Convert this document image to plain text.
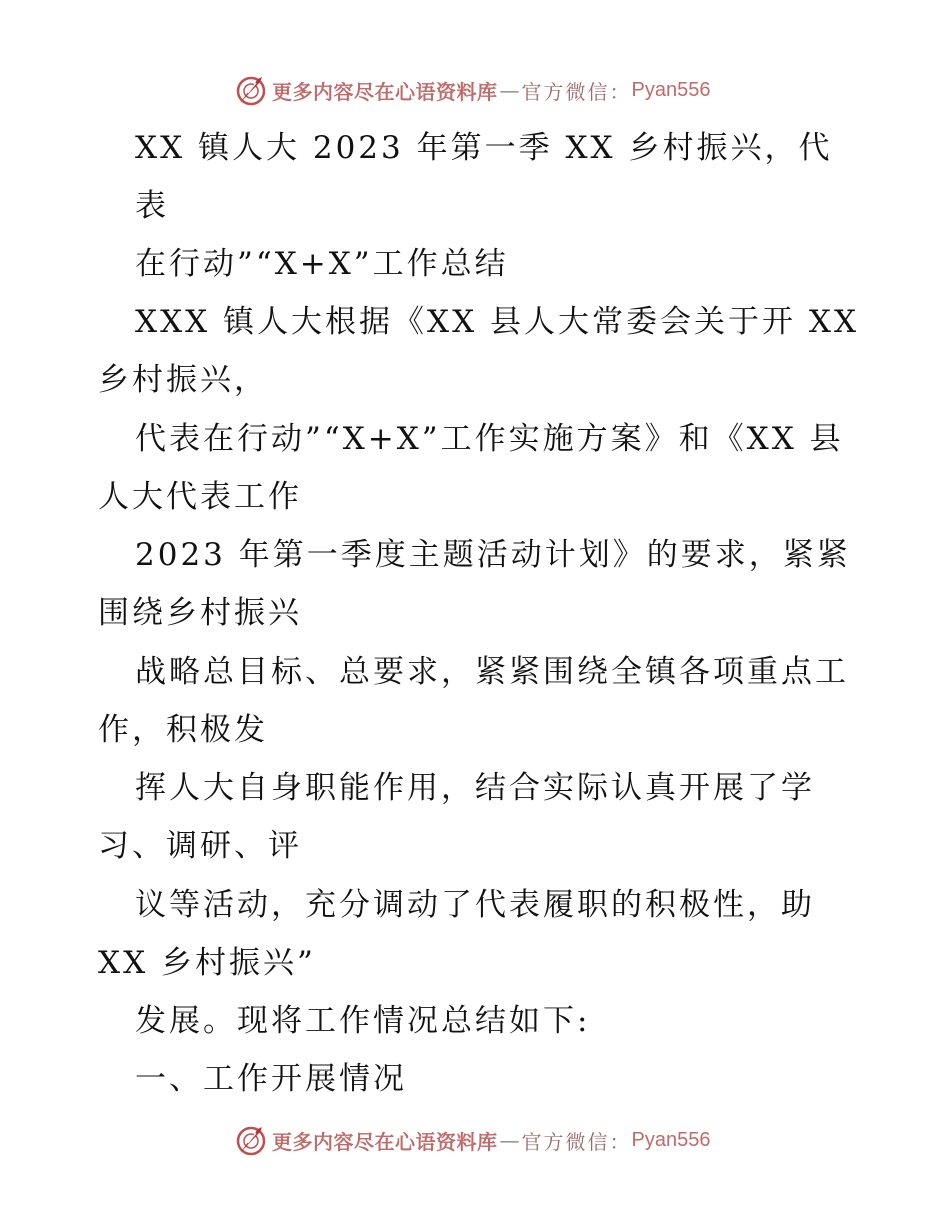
更多内容尽在心语资料库 — 官方微信： Pyan556
XX 镇人大 2023 年第一季 XX 乡村振兴，代
表
在行动”“X+X”工作总结
XXX 镇人大根据《XX 县人大常委会关于开 XX
乡村振兴，
代表在行动”“X+X”工作实施方案》和《XX 县
人大代表工作
2023 年第一季度主题活动计划》的要求，紧紧
围绕乡村振兴
战略总目标、总要求，紧紧围绕全镇各项重点工
作，积极发
挥人大自身职能作用，结合实际认真开展了学
习、调研、评
议等活动，充分调动了代表履职的积极性，助
XX 乡村振兴”
发展。现将工作情况总结如下:
一、工作开展情况
更多内容尽在心语资料库 — 官方微信： Pyan556
